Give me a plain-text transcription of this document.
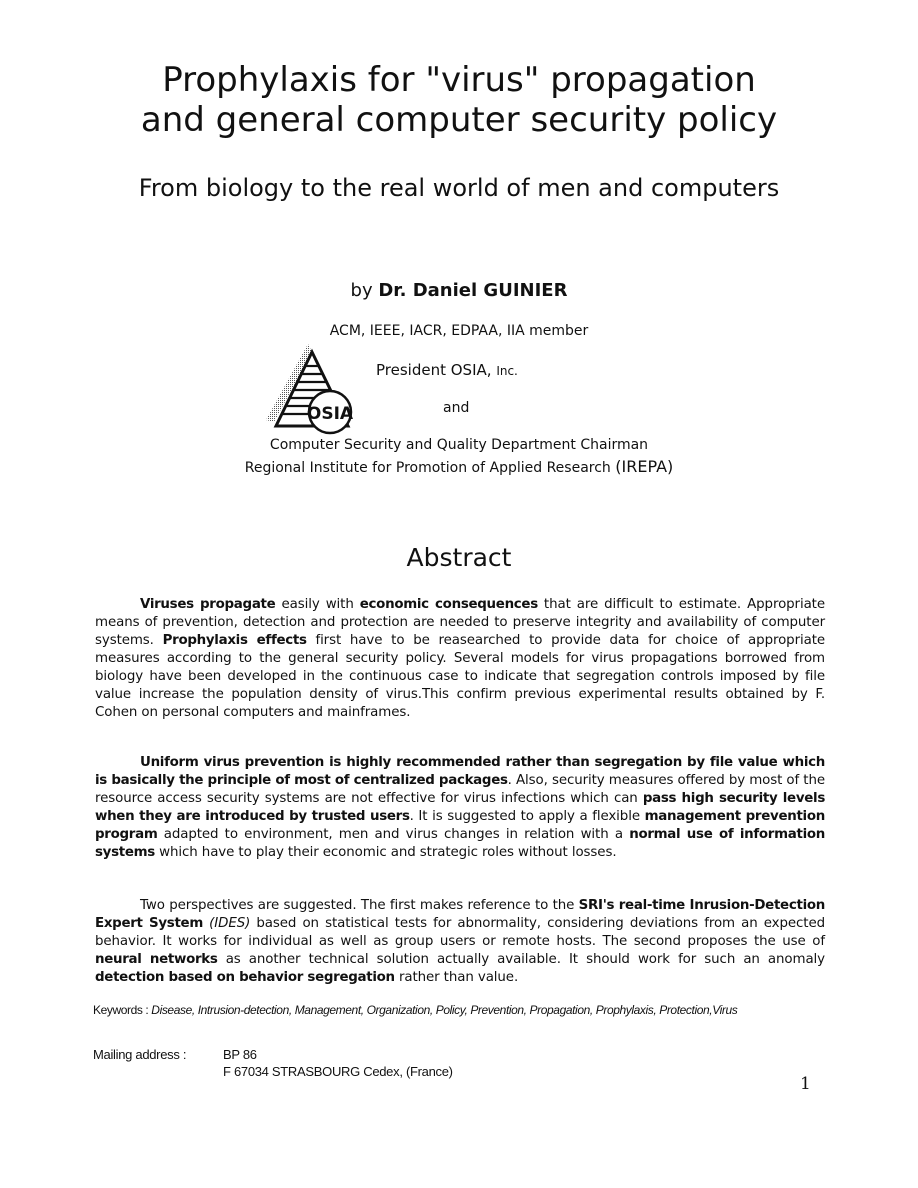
Prophylaxis for "virus" propagation
and general computer security policy
From biology to the real world of men and computers
by Dr. Daniel GUINIER
ACM, IEEE, IACR, EDPAA, IIA member
OSIA
President OSIA, Inc.
and
Computer Security and Quality Department Chairman
Regional Institute for Promotion of Applied Research (IREPA)
Abstract
Viruses propagate easily with economic consequences that are difficult to estimate. Appropriate means of prevention, detection and protection are needed to preserve integrity and availability of computer systems. Prophylaxis effects first have to be reasearched to provide data for choice of appropriate measures according to the general security policy. Several models for virus propagations borrowed from biology have been developed in the continuous case to indicate that segregation controls imposed by file value increase the population density of virus.This confirm previous experimental results obtained by F. Cohen on personal computers and mainframes.
Uniform virus prevention is highly recommended rather than segregation by file value which is basically the principle of most of centralized packages. Also, security measures offered by most of the resource access security systems are not effective for virus infections which can pass high security levels when they are introduced by trusted users. It is suggested to apply a flexible management prevention program adapted to environment, men and virus changes in relation with a normal use of information systems which have to play their economic and strategic roles without losses.
Two perspectives are suggested. The first makes reference to the SRI's real-time Inrusion-Detection Expert System (IDES) based on statistical tests for abnormality, considering deviations from an expected behavior. It works for individual as well as group users or remote hosts. The second proposes the use of neural networks as another technical solution actually available. It should work for such an anomaly detection based on behavior segregation rather than value.
Keywords : Disease, Intrusion-detection, Management, Organization, Policy, Prevention, Propagation, Prophylaxis, Protection,Virus
Mailing address :	BP 86
F 67034 STRASBOURG Cedex, (France)
1
